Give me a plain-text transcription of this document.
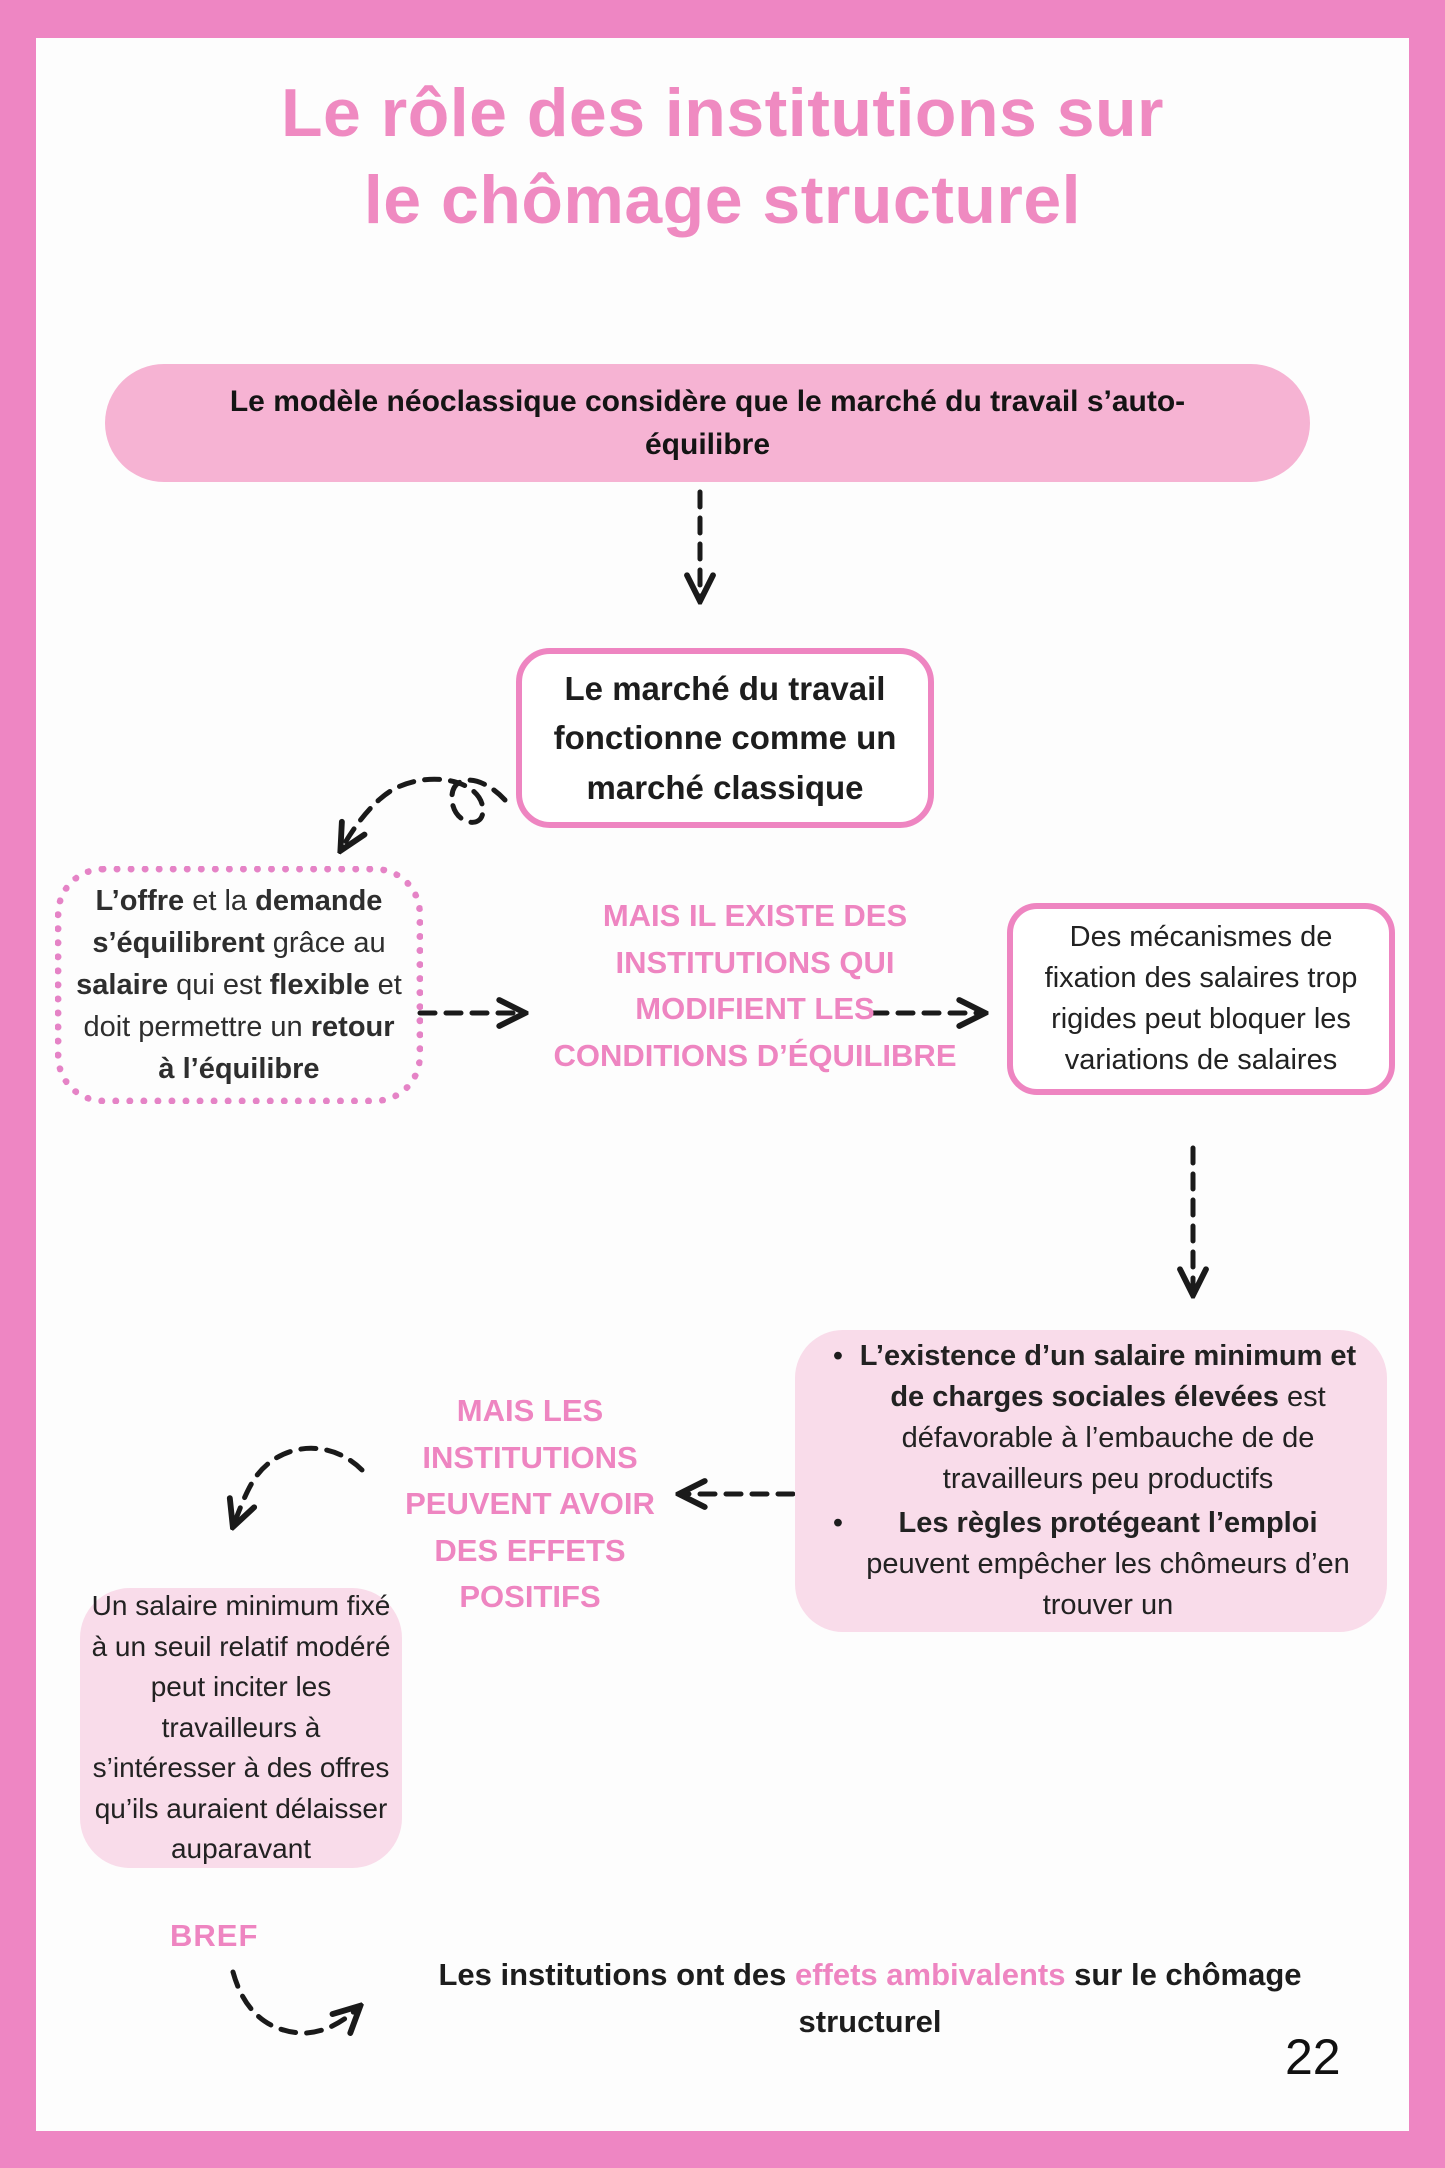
Le rôle des institutions sur
le chômage structurel
Le modèle néoclassique considère que le marché du travail s’auto-équilibre
Le marché du travail fonctionne comme un marché classique
L’offre et la demande s’équilibrent grâce au salaire qui est flexible et doit permettre un retour à l’équilibre
MAIS IL EXISTE DES INSTITUTIONS QUI MODIFIENT LES CONDITIONS D’ÉQUILIBRE
Des mécanismes de fixation des salaires trop rigides peut bloquer les variations de salaires
• L’existence d’un salaire minimum et de charges sociales élevées est défavorable à l’embauche de de travailleurs peu productifs
•	Les règles protégeant l’emploi peuvent empêcher les chômeurs d’en trouver un
MAIS LES INSTITUTIONS PEUVENT AVOIR DES EFFETS POSITIFS
Un salaire minimum fixé à un seuil relatif modéré peut inciter les travailleurs à s’intéresser à des offres qu’ils auraient délaisser auparavant
BREF
Les institutions ont des effets ambivalents sur le chômage structurel
22
